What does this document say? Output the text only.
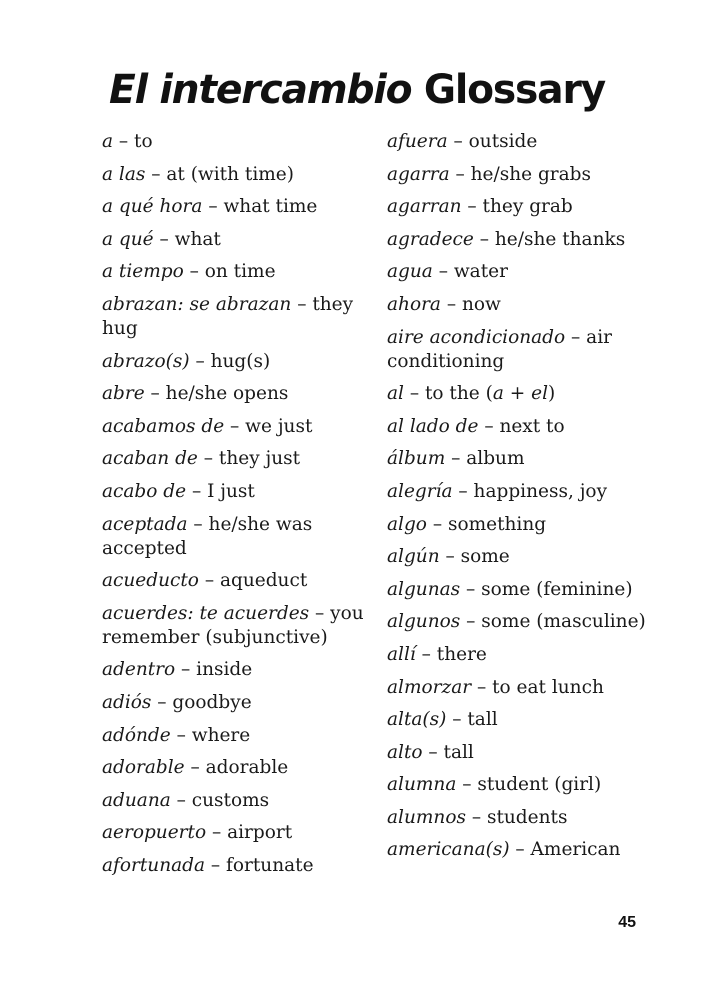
El intercambio Glossary
a – to
a las – at (with time)
a qué hora – what time
a qué – what
a tiempo – on time
abrazan: se abrazan – they hug
abrazo(s) – hug(s)
abre – he/she opens
acabamos de – we just
acaban de – they just
acabo de – I just
aceptada – he/she was accepted
acueducto – aqueduct
acuerdes: te acuerdes – you remember (subjunctive)
adentro – inside
adiós – goodbye
adónde – where
adorable – adorable
aduana – customs
aeropuerto – airport
afortunada – fortunate
afuera – outside
agarra – he/she grabs
agarran – they grab
agradece – he/she thanks
agua – water
ahora – now
aire acondicionado – air conditioning
al – to the (a + el)
al lado de – next to
álbum – album
alegría – happiness, joy
algo – something
algún – some
algunas – some (feminine)
algunos – some (masculine)
allí – there
almorzar – to eat lunch
alta(s) – tall
alto – tall
alumna – student (girl)
alumnos – students
americana(s) – American
45
